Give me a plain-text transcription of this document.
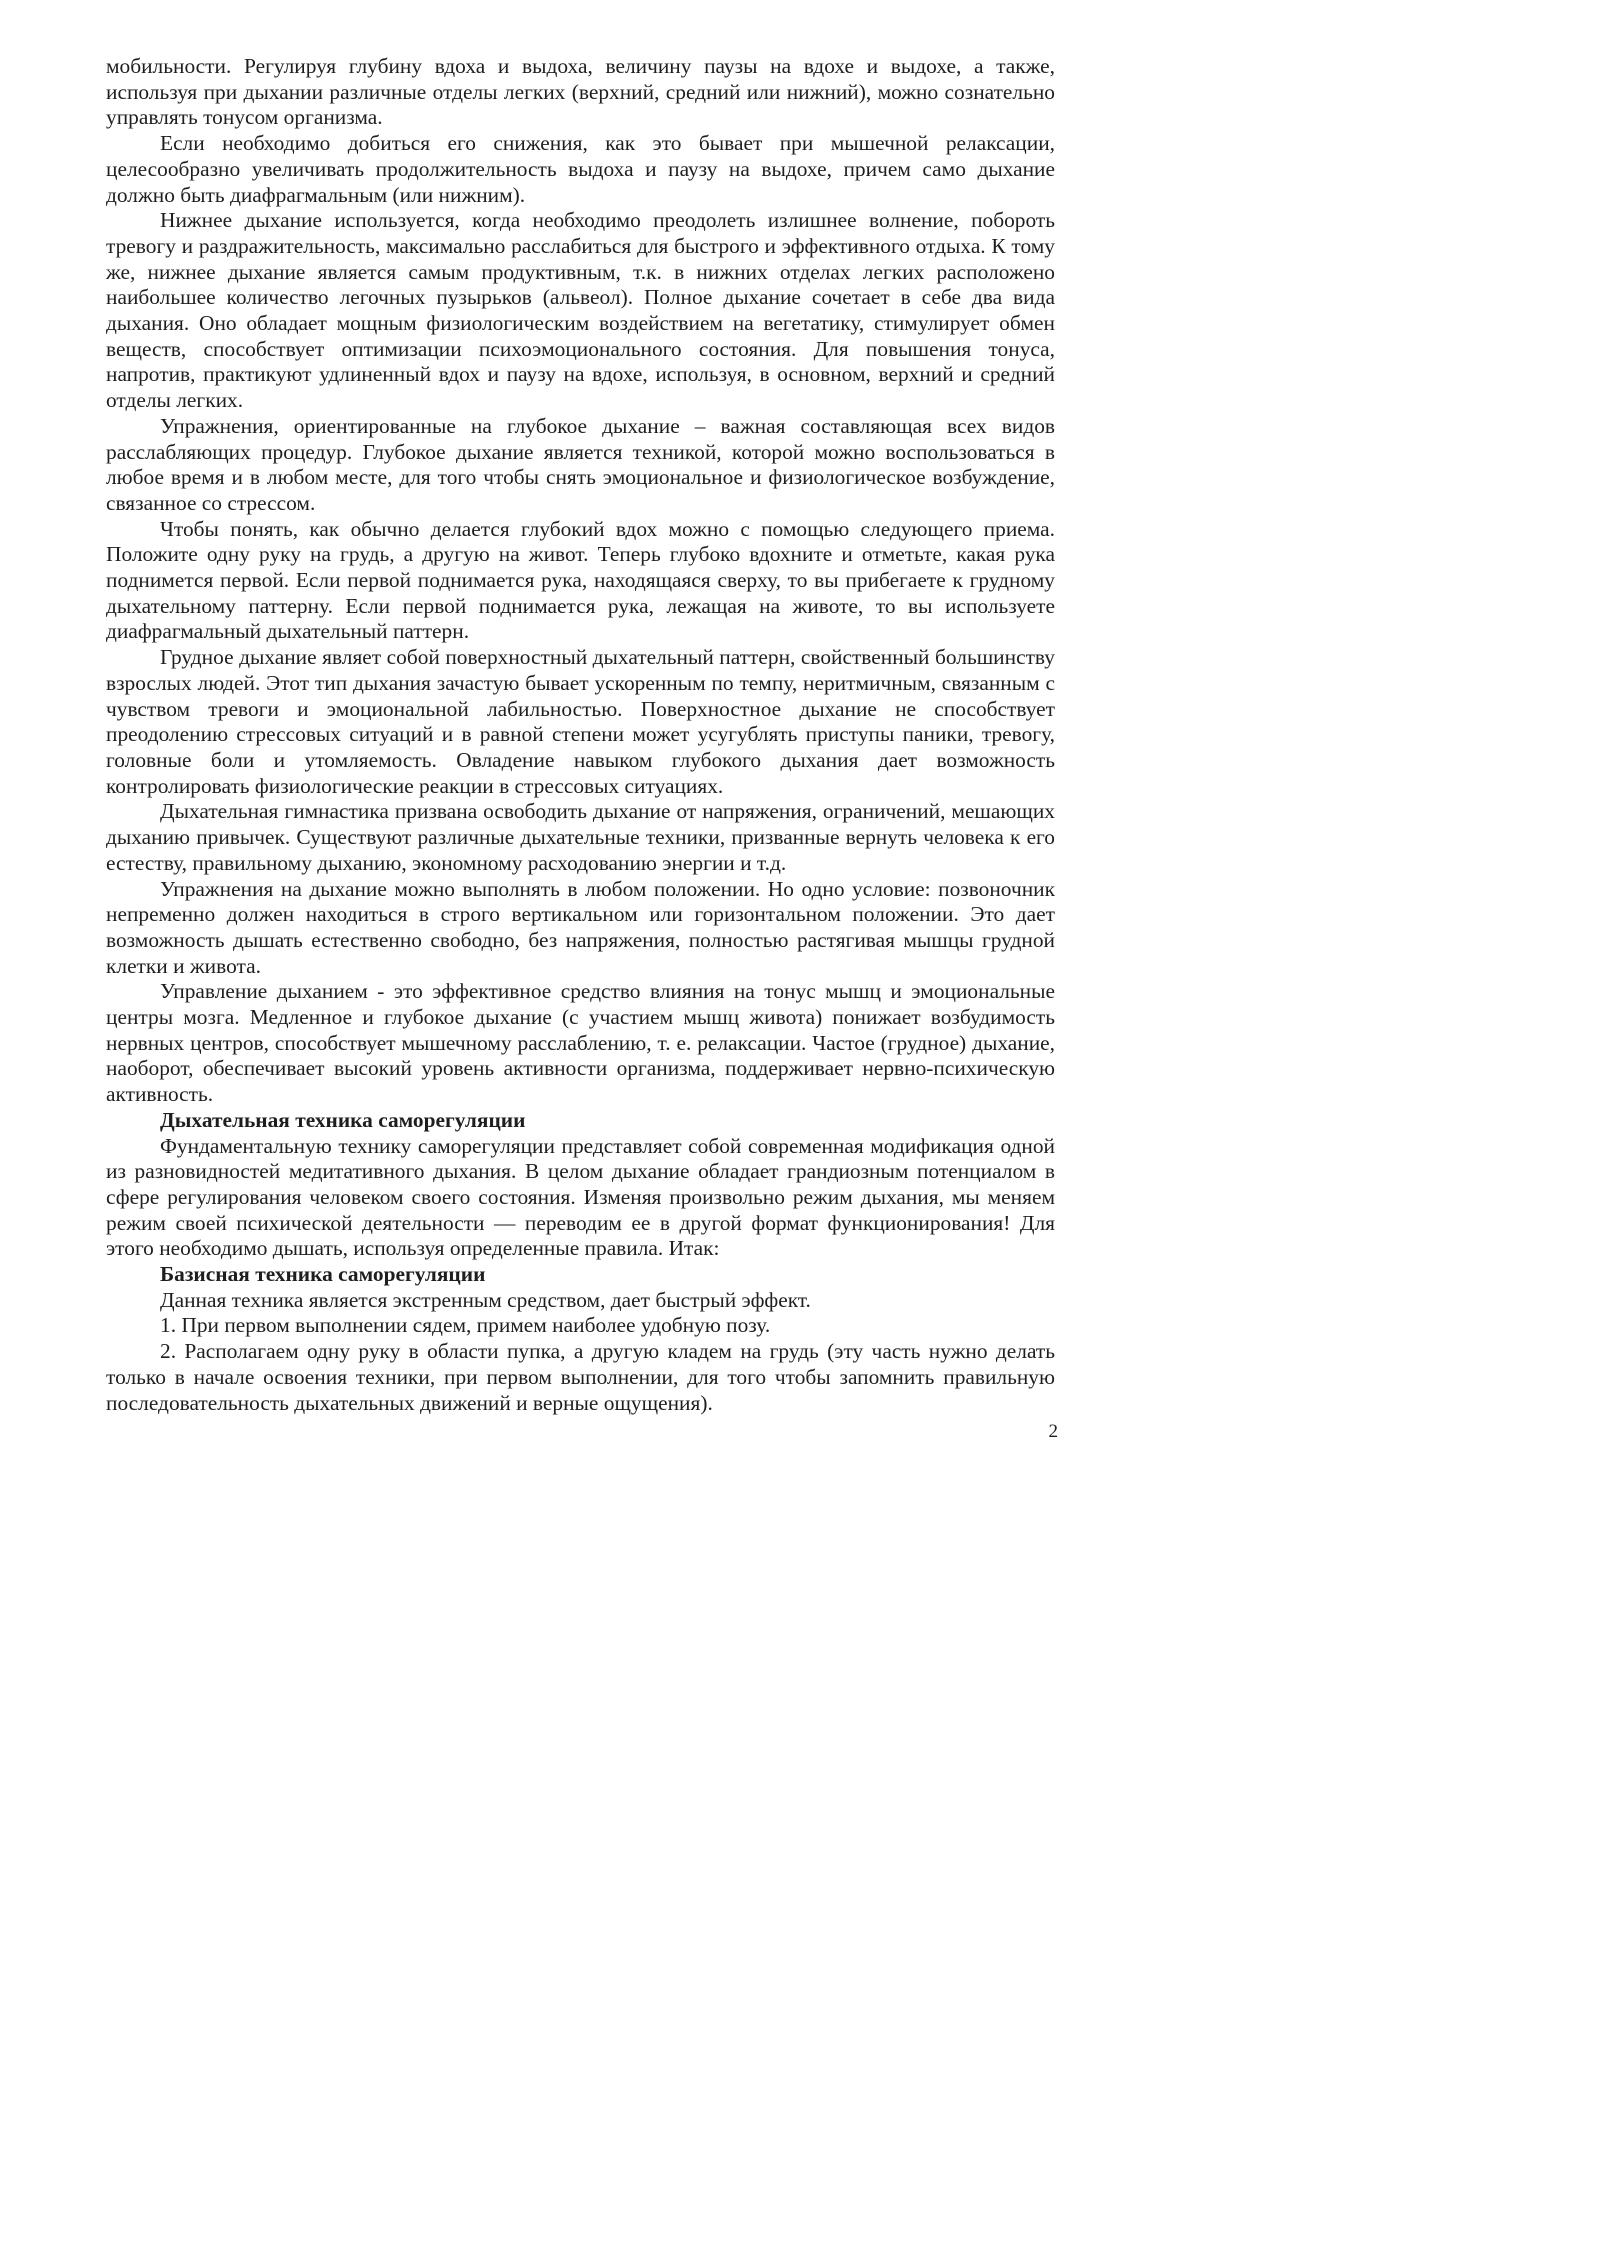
мобильности. Регулируя глубину вдоха и выдоха, величину паузы на вдохе и выдохе, а также, используя при дыхании различные отделы легких (верхний, средний или нижний), можно сознательно управлять тонусом организма.

Если необходимо добиться его снижения, как это бывает при мышечной релаксации, целесообразно увеличивать продолжительность выдоха и паузу на выдохе, причем само дыхание должно быть диафрагмальным (или нижним).

Нижнее дыхание используется, когда необходимо преодолеть излишнее волнение, побороть тревогу и раздражительность, максимально расслабиться для быстрого и эффективного отдыха. К тому же, нижнее дыхание является самым продуктивным, т.к. в нижних отделах легких расположено наибольшее количество легочных пузырьков (альвеол). Полное дыхание сочетает в себе два вида дыхания. Оно обладает мощным физиологическим воздействием на вегетатику, стимулирует обмен веществ, способствует оптимизации психоэмоционального состояния. Для повышения тонуса, напротив, практикуют удлиненный вдох и паузу на вдохе, используя, в основном, верхний и средний отделы легких.

Упражнения, ориентированные на глубокое дыхание – важная составляющая всех видов расслабляющих процедур. Глубокое дыхание является техникой, которой можно воспользоваться в любое время и в любом месте, для того чтобы снять эмоциональное и физиологическое возбуждение, связанное со стрессом.

Чтобы понять, как обычно делается глубокий вдох можно с помощью следующего приема. Положите одну руку на грудь, а другую на живот. Теперь глубоко вдохните и отметьте, какая рука поднимется первой. Если первой поднимается рука, находящаяся сверху, то вы прибегаете к грудному дыхательному паттерну. Если первой поднимается рука, лежащая на животе, то вы используете диафрагмальный дыхательный паттерн.

Грудное дыхание являет собой поверхностный дыхательный паттерн, свойственный большинству взрослых людей. Этот тип дыхания зачастую бывает ускоренным по темпу, неритмичным, связанным с чувством тревоги и эмоциональной лабильностью. Поверхностное дыхание не способствует преодолению стрессовых ситуаций и в равной степени может усугублять приступы паники, тревогу, головные боли и утомляемость. Овладение навыком глубокого дыхания дает возможность контролировать физиологические реакции в стрессовых ситуациях.

Дыхательная гимнастика призвана освободить дыхание от напряжения, ограничений, мешающих дыханию привычек. Существуют различные дыхательные техники, призванные вернуть человека к его естеству, правильному дыханию, экономному расходованию энергии и т.д.

Упражнения на дыхание можно выполнять в любом положении. Но одно условие: позвоночник непременно должен находиться в строго вертикальном или горизонтальном положении. Это дает возможность дышать естественно свободно, без напряжения, полностью растягивая мышцы грудной клетки и живота.

Управление дыханием - это эффективное средство влияния на тонус мышц и эмоциональные центры мозга. Медленное и глубокое дыхание (с участием мышц живота) понижает возбудимость нервных центров, способствует мышечному расслаблению, т. е. релаксации. Частое (грудное) дыхание, наоборот, обеспечивает высокий уровень активности организма, поддерживает нервно-психическую активность.

Дыхательная техника саморегуляции

Фундаментальную технику саморегуляции представляет собой современная модификация одной из разновидностей медитативного дыхания. В целом дыхание обладает грандиозным потенциалом в сфере регулирования человеком своего состояния. Изменяя произвольно режим дыхания, мы меняем режим своей психической деятельности — переводим ее в другой формат функционирования! Для этого необходимо дышать, используя определенные правила. Итак:

Базисная техника саморегуляции

Данная техника является экстренным средством, дает быстрый эффект.

1. При первом выполнении сядем, примем наиболее удобную позу.

2. Располагаем одну руку в области пупка, а другую кладем на грудь (эту часть нужно делать только в начале освоения техники, при первом выполнении, для того чтобы запомнить правильную последовательность дыхательных движений и верные ощущения).

2
